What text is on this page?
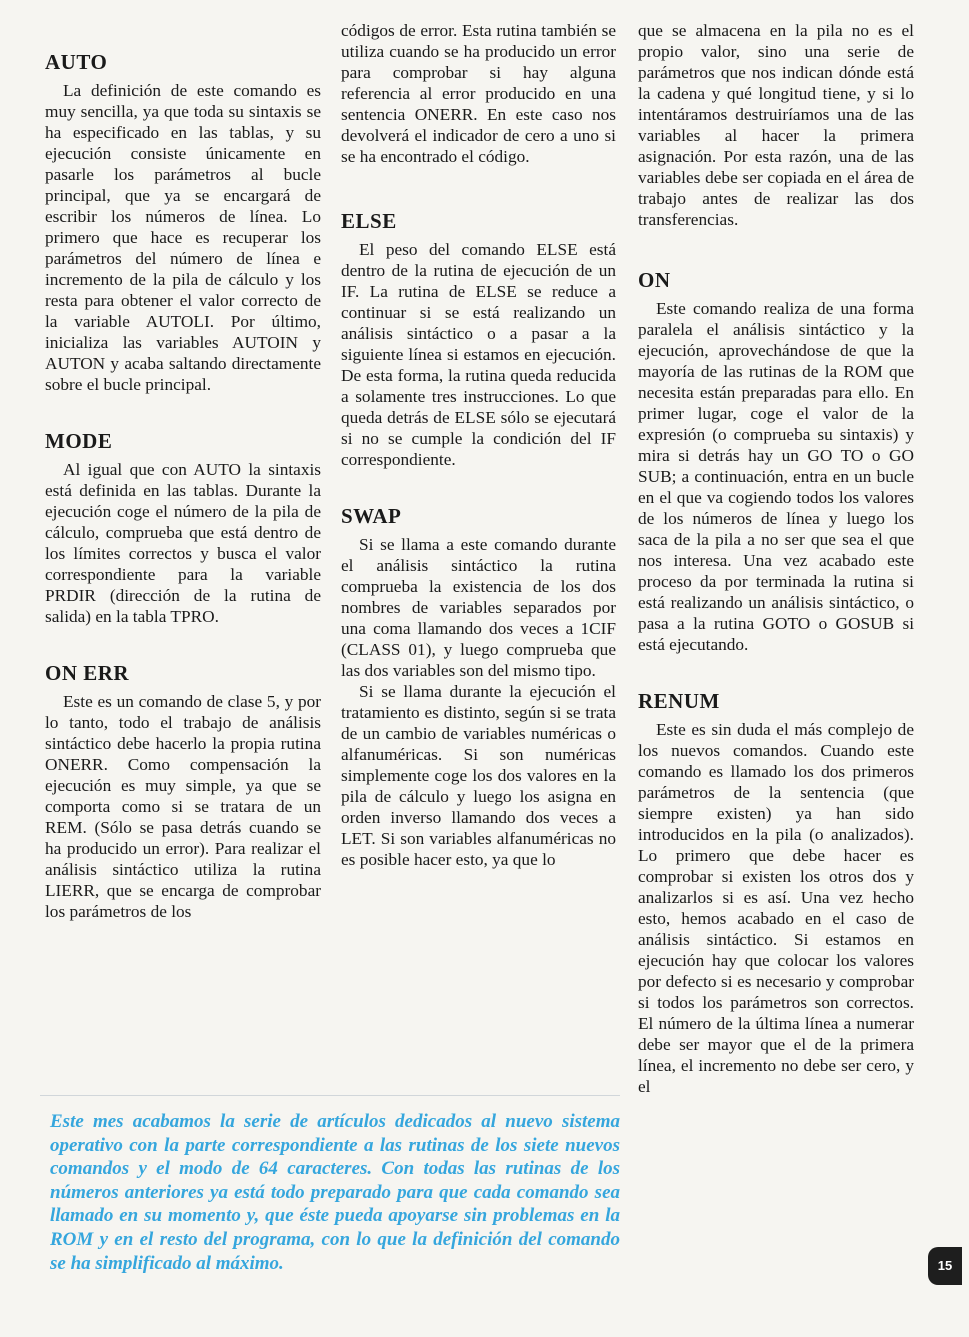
AUTO

La definición de este comando es muy sencilla, ya que toda su sintaxis se ha especificado en las tablas, y su ejecución consiste únicamente en pasarle los parámetros al bucle principal, que ya se encargará de escribir los números de línea. Lo primero que hace es recuperar los parámetros del número de línea e incremento de la pila de cálculo y los resta para obtener el valor correcto de la variable AUTOLI. Por último, inicializa las variables AUTOIN y AUTON y acaba saltando directamente sobre el bucle principal.

MODE

Al igual que con AUTO la sintaxis está definida en las tablas. Durante la ejecución coge el número de la pila de cálculo, comprueba que está dentro de los límites correctos y busca el valor correspondiente para la variable PRDIR (dirección de la rutina de salida) en la tabla TPRO.

ON ERR

Este es un comando de clase 5, y por lo tanto, todo el trabajo de análisis sintáctico debe hacerlo la propia rutina ONERR. Como compensación la ejecución es muy simple, ya que se comporta como si se tratara de un REM. (Sólo se pasa detrás cuando se ha producido un error). Para realizar el análisis sintáctico utiliza la rutina LIERR, que se encarga de comprobar los parámetros de los

códigos de error. Esta rutina también se utiliza cuando se ha producido un error para comprobar si hay alguna referencia al error producido en una sentencia ONERR. En este caso nos devolverá el indicador de cero a uno si se ha encontrado el código.

ELSE

El peso del comando ELSE está dentro de la rutina de ejecución de un IF. La rutina de ELSE se reduce a continuar si se está realizando un análisis sintáctico o a pasar a la siguiente línea si estamos en ejecución. De esta forma, la rutina queda reducida a solamente tres instrucciones. Lo que queda detrás de ELSE sólo se ejecutará si no se cumple la condición del IF correspondiente.

SWAP

Si se llama a este comando durante el análisis sintáctico la rutina comprueba la existencia de los dos nombres de variables separados por una coma llamando dos veces a 1CIF (CLASS 01), y luego comprueba que las dos variables son del mismo tipo.

Si se llama durante la ejecución el tratamiento es distinto, según si se trata de un cambio de variables numéricas o alfanuméricas. Si son numéricas simplemente coge los dos valores en la pila de cálculo y luego los asigna en orden inverso llamando dos veces a LET. Si son variables alfanuméricas no es posible hacer esto, ya que lo

que se almacena en la pila no es el propio valor, sino una serie de parámetros que nos indican dónde está la cadena y qué longitud tiene, y si lo intentáramos destruiríamos una de las variables al hacer la primera asignación. Por esta razón, una de las variables debe ser copiada en el área de trabajo antes de realizar las dos transferencias.

ON

Este comando realiza de una forma paralela el análisis sintáctico y la ejecución, aprovechándose de que la mayoría de las rutinas de la ROM que necesita están preparadas para ello. En primer lugar, coge el valor de la expresión (o comprueba su sintaxis) y mira si detrás hay un GO TO o GO SUB; a continuación, entra en un bucle en el que va cogiendo todos los valores de los números de línea y luego los saca de la pila a no ser que sea el que nos interesa. Una vez acabado este proceso da por terminada la rutina si está realizando un análisis sintáctico, o pasa a la rutina GOTO o GOSUB si está ejecutando.

RENUM

Este es sin duda el más complejo de los nuevos comandos. Cuando este comando es llamado los dos primeros parámetros de la sentencia (que siempre existen) ya han sido introducidos en la pila (o analizados). Lo primero que debe hacer es comprobar si existen los otros dos y analizarlos si es así. Una vez hecho esto, hemos acabado en el caso de análisis sintáctico. Si estamos en ejecución hay que colocar los valores por defecto si es necesario y comprobar si todos los parámetros son correctos. El número de la última línea a numerar debe ser mayor que el de la primera línea, el incremento no debe ser cero, y el

Este mes acabamos la serie de artículos dedicados al nuevo sistema operativo con la parte correspondiente a las rutinas de los siete nuevos comandos y el modo de 64 caracteres. Con todas las rutinas de los números anteriores ya está todo preparado para que cada comando sea llamado en su momento y, que éste pueda apoyarse sin problemas en la ROM y en el resto del programa, con lo que la definición del comando se ha simplificado al máximo.	15
